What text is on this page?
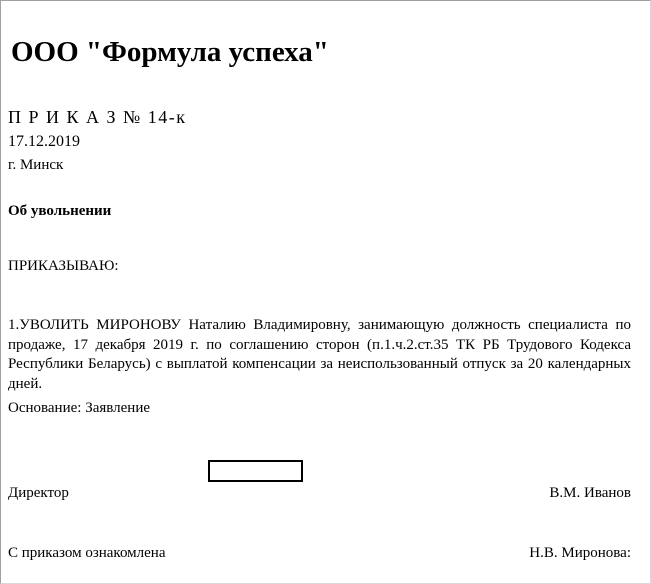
ООО "Формула успеха"
П Р И К А З № 14-к
17.12.2019
г. Минск
Об увольнении
ПРИКАЗЫВАЮ:
1.УВОЛИТЬ МИРОНОВУ Наталию Владимировну, занимающую должность специалиста по продаже, 17 декабря 2019 г. по соглашению сторон (п.1.ч.2.ст.35 ТК РБ Трудового Кодекса Республики Беларусь) с выплатой компенсации за неиспользованный отпуск за 20 календарных дней.
Основание: Заявление
Директор	В.М. Иванов
С приказом ознакомлена	Н.В. Миронова:
